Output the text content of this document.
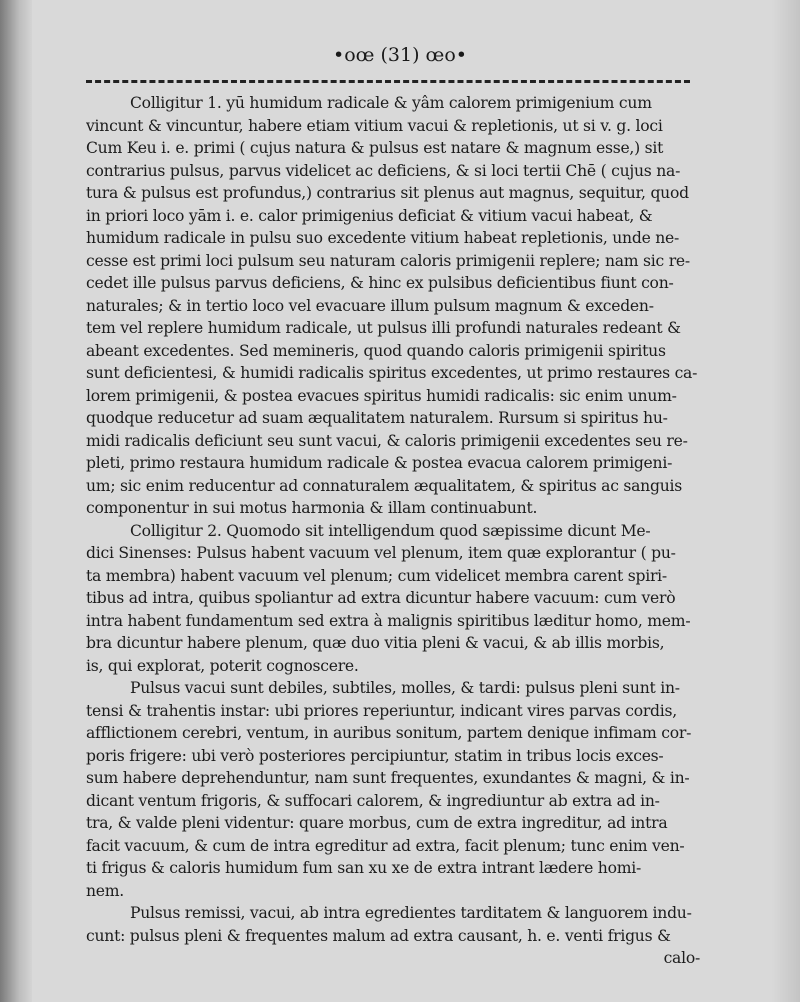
•oœ (31) œo•
Colligitur 1. yū humidum radicale & yâm calorem primigenium cum
vincunt & vincuntur, habere etiam vitium vacui & repletionis, ut si v. g. loci
Cum Keu i. e. primi ( cujus natura & pulsus est natare & magnum esse,) sit
contrarius pulsus, parvus videlicet ac deficiens, & si loci tertii Chē ( cujus na-
tura & pulsus est profundus,) contrarius sit plenus aut magnus, sequitur, quod
in priori loco yām i. e. calor primigenius deficiat & vitium vacui habeat, &
humidum radicale in pulsu suo excedente vitium habeat repletionis, unde ne-
cesse est primi loci pulsum seu naturam caloris primigenii replere; nam sic re-
cedet ille pulsus parvus deficiens, & hinc ex pulsibus deficientibus fiunt con-
naturales; & in tertio loco vel evacuare illum pulsum magnum & exceden-
tem vel replere humidum radicale, ut pulsus illi profundi naturales redeant &
abeant excedentes. Sed memineris, quod quando caloris primigenii spiritus
sunt deficientesi, & humidi radicalis spiritus excedentes, ut primo restaures ca-
lorem primigenii, & postea evacues spiritus humidi radicalis: sic enim unum-
quodque reducetur ad suam æqualitatem naturalem. Rursum si spiritus hu-
midi radicalis deficiunt seu sunt vacui, & caloris primigenii excedentes seu re-
pleti, primo restaura humidum radicale & postea evacua calorem primigeni-
um; sic enim reducentur ad connaturalem æqualitatem, & spiritus ac sanguis
componentur in sui motus harmonia & illam continuabunt.
Colligitur 2. Quomodo sit intelligendum quod sæpissime dicunt Me-
dici Sinenses: Pulsus habent vacuum vel plenum, item quæ explorantur ( pu-
ta membra) habent vacuum vel plenum; cum videlicet membra carent spiri-
tibus ad intra, quibus spoliantur ad extra dicuntur habere vacuum: cum verò
intra habent fundamentum sed extra à malignis spiritibus læditur homo, mem-
bra dicuntur habere plenum, quæ duo vitia pleni & vacui, & ab illis morbis,
is, qui explorat, poterit cognoscere.
Pulsus vacui sunt debiles, subtiles, molles, & tardi: pulsus pleni sunt in-
tensi & trahentis instar: ubi priores reperiuntur, indicant vires parvas cordis,
afflictionem cerebri, ventum, in auribus sonitum, partem denique infimam cor-
poris frigere: ubi verò posteriores percipiuntur, statim in tribus locis exces-
sum habere deprehenduntur, nam sunt frequentes, exundantes & magni, & in-
dicant ventum frigoris, & suffocari calorem, & ingrediuntur ab extra ad in-
tra, & valde pleni videntur: quare morbus, cum de extra ingreditur, ad intra
facit vacuum, & cum de intra egreditur ad extra, facit plenum; tunc enim ven-
ti frigus & caloris humidum fum san xu xe de extra intrant lædere homi-
nem.
Pulsus remissi, vacui, ab intra egredientes tarditatem & languorem indu-
cunt: pulsus pleni & frequentes malum ad extra causant, h. e. venti frigus &
calo-
